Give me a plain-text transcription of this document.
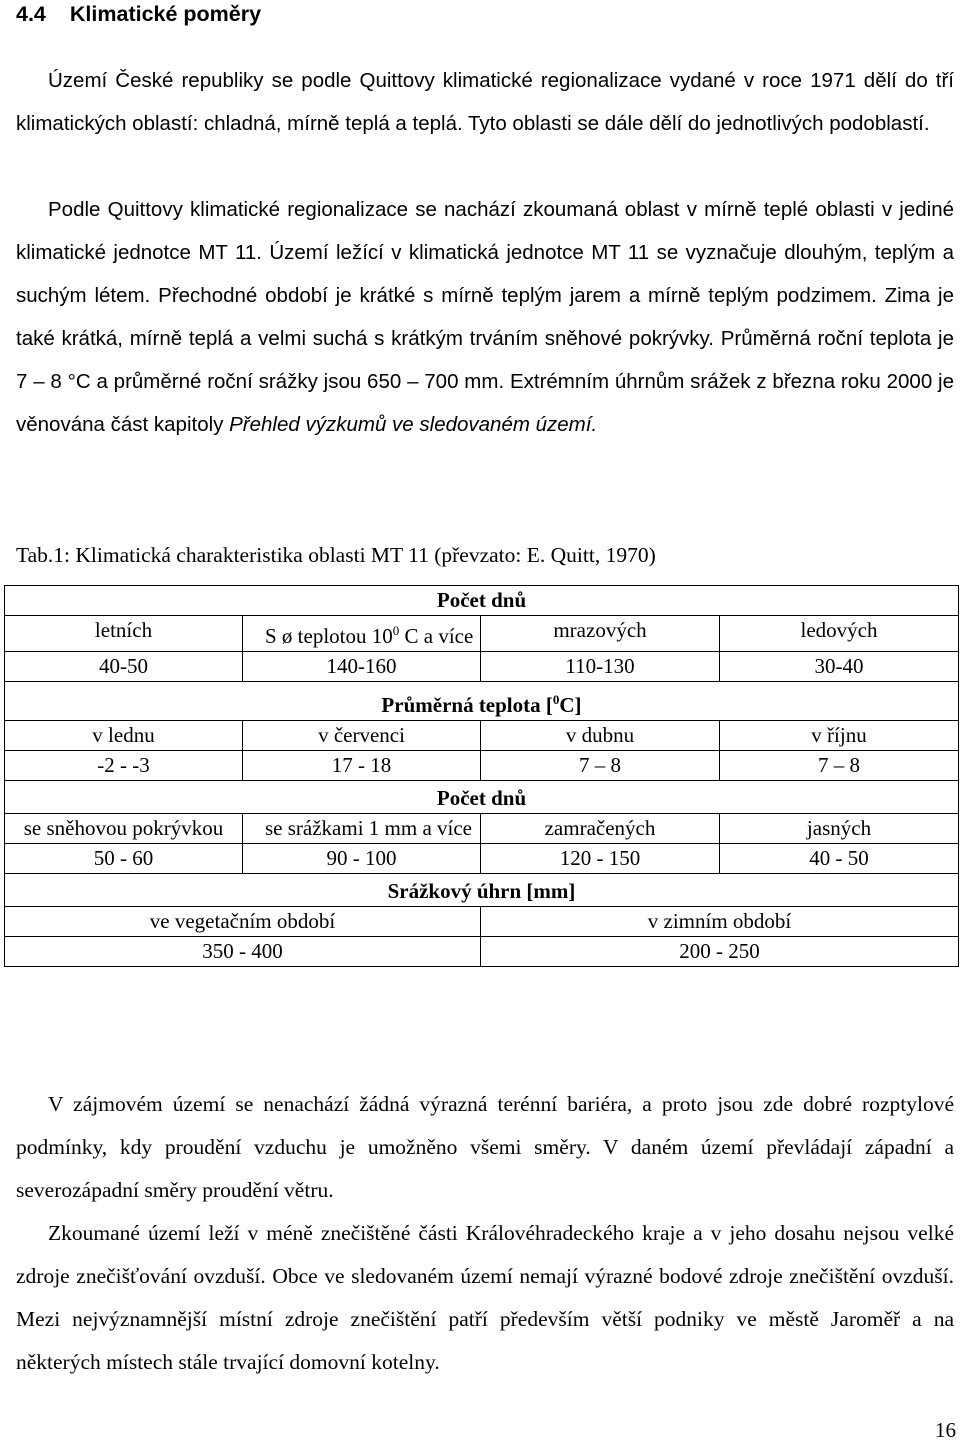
4.4 Klimatické poměry

Území České republiky se podle Quittovy klimatické regionalizace vydané v roce 1971 dělí do tří klimatických oblastí: chladná, mírně teplá a teplá. Tyto oblasti se dále dělí do jednotlivých podoblastí.

Podle Quittovy klimatické regionalizace se nachází zkoumaná oblast v mírně teplé oblasti v jediné klimatické jednotce MT 11. Území ležící v klimatická jednotce MT 11 se vyznačuje dlouhým, teplým a suchým létem. Přechodné období je krátké s mírně teplým jarem a mírně teplým podzimem. Zima je také krátká, mírně teplá a velmi suchá s krátkým trváním sněhové pokrývky. Průměrná roční teplota je 7 – 8 °C a průměrné roční srážky jsou 650 – 700 mm. Extrémním úhrnům srážek z března roku 2000 je věnována část kapitoly Přehled výzkumů ve sledovaném území.

Tab.1: Klimatická charakteristika oblasti MT 11 (převzato: E. Quitt, 1970)
Počet dnů			
letních	S ø teplotou $10^0$ C a více	mrazových	ledových
40-50	140-160	110-130	30-40
Průměrná teplota [$^0$C]			
v lednu	v červenci	v dubnu	v říjnu
-2 - -3	17 - 18	7 – 8	7 – 8
Počet dnů			
se sněhovou pokrývkou	se srážkami 1 mm a více	zamračených	jasných
50 - 60	90 - 100	120 - 150	40 - 50
Srážkový úhrn [mm]			
ve vegetačním období		v zimním období	
350 - 400		200 - 250	

V zájmovém území se nenachází žádná výrazná terénní bariéra, a proto jsou zde dobré rozptylové podmínky, kdy proudění vzduchu je umožněno všemi směry. V daném území převládají západní a severozápadní směry proudění větru.

Zkoumané území leží v méně znečištěné části Královéhradeckého kraje a v jeho dosahu nejsou velké zdroje znečišťování ovzduší. Obce ve sledovaném území nemají výrazné bodové zdroje znečištění ovzduší. Mezi nejvýznamnější místní zdroje znečištění patří především větší podniky ve městě Jaroměř a na některých místech stále trvající domovní kotelny.

16
